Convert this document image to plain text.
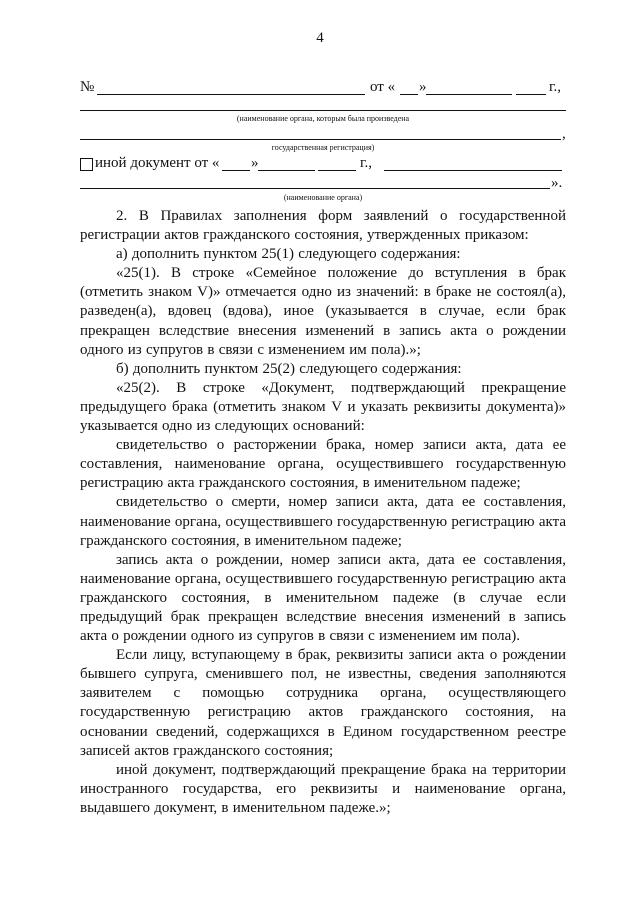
4
№	от « »	г.,
(наименование органа, которым была произведена
,
государственная регистрация)
иной документ от « »	г.,
».
(наименование органа)

2. В Правилах заполнения форм заявлений о государственной регистрации актов гражданского состояния, утвержденных приказом:

а) дополнить пунктом 25(1) следующего содержания:

«25(1). В строке «Семейное положение до вступления в брак (отметить знаком V)» отмечается одно из значений: в браке не состоял(а), разведен(а), вдовец (вдова), иное (указывается в случае, если брак прекращен вследствие внесения изменений в запись акта о рождении одного из супругов в связи с изменением им пола).»;

б) дополнить пунктом 25(2) следующего содержания:

«25(2). В строке «Документ, подтверждающий прекращение предыдущего брака (отметить знаком V и указать реквизиты документа)» указывается одно из следующих оснований:

свидетельство о расторжении брака, номер записи акта, дата ее составления, наименование органа, осуществившего государственную регистрацию акта гражданского состояния, в именительном падеже;

свидетельство о смерти, номер записи акта, дата ее составления, наименование органа, осуществившего государственную регистрацию акта гражданского состояния, в именительном падеже;

запись акта о рождении, номер записи акта, дата ее составления, наименование органа, осуществившего государственную регистрацию акта гражданского состояния, в именительном падеже (в случае если предыдущий брак прекращен вследствие внесения изменений в запись акта о рождении одного из супругов в связи с изменением им пола).

Если лицу, вступающему в брак, реквизиты записи акта о рождении бывшего супруга, сменившего пол, не известны, сведения заполняются заявителем с помощью сотрудника органа, осуществляющего государственную регистрацию актов гражданского состояния, на основании сведений, содержащихся в Едином государственном реестре записей актов гражданского состояния;

иной документ, подтверждающий прекращение брака на территории иностранного государства, его реквизиты и наименование органа, выдавшего документ, в именительном падеже.»;
